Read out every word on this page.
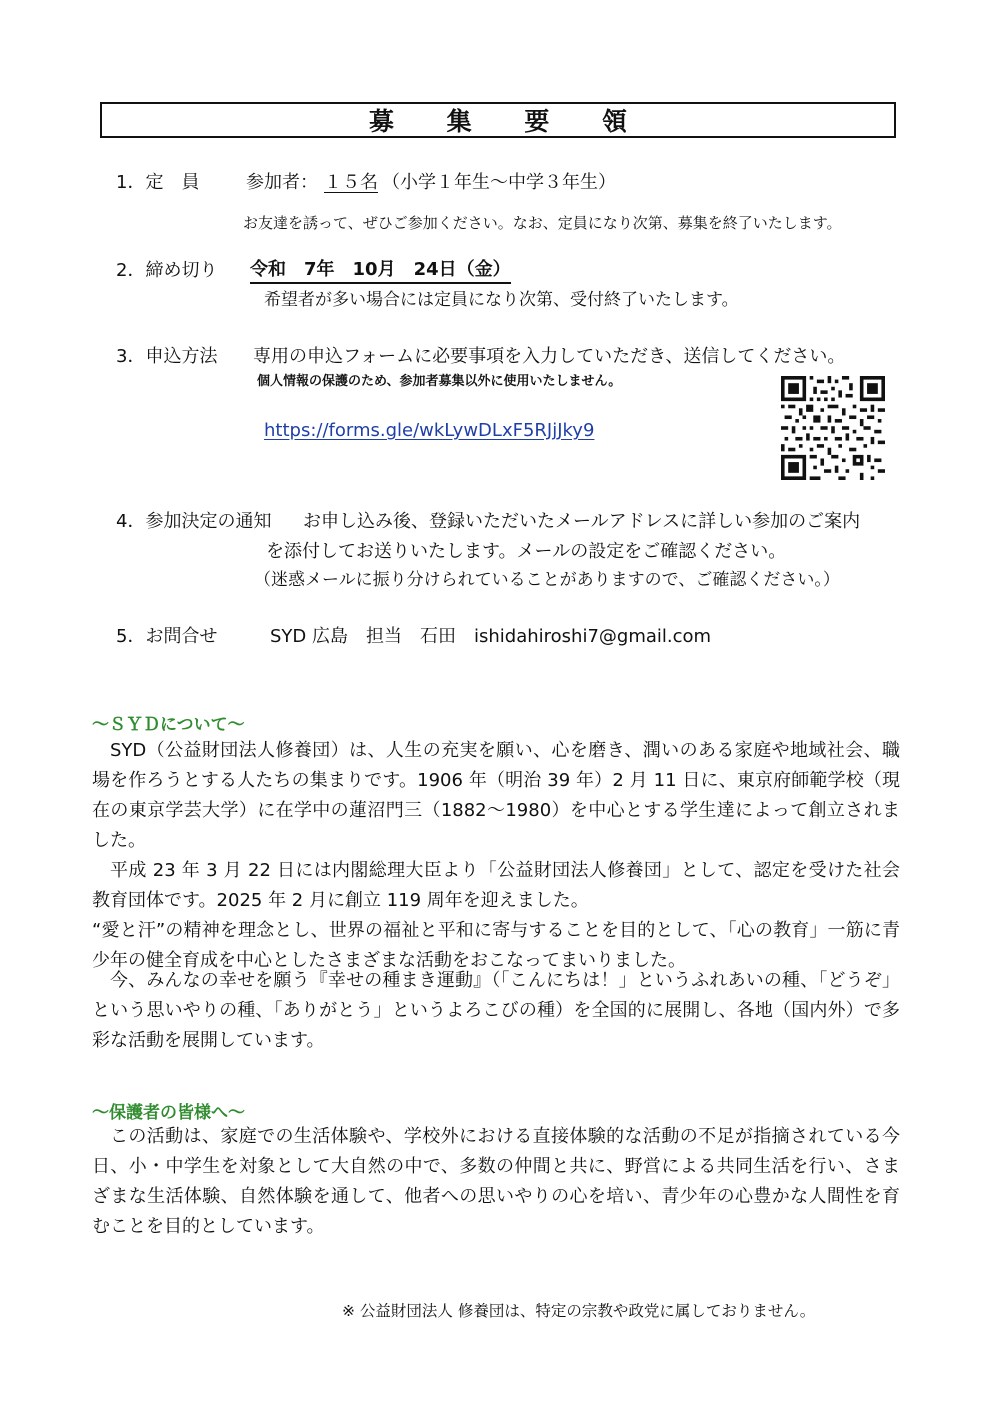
募 集 要 領
1．定　員	参加者： １５名 （小学１年生～中学３年生）
お友達を誘って、ぜひご参加ください。なお、定員になり次第、募集を終了いたします。
2．締め切り 令和　7年　10月　24日（金）
希望者が多い場合には定員になり次第、受付終了いたします。
3．申込方法 専用の申込フォームに必要事項を入力していただき、送信してください。
個人情報の保護のため、参加者募集以外に使用いたしません。
https://forms.gle/wkLywDLxF5RJjJky9
4．参加決定の通知 お申し込み後、登録いただいたメールアドレスに詳しい参加のご案内
を添付してお送りいたします。メールの設定をご確認ください。
（迷惑メールに振り分けられていることがありますので、ご確認ください。）
5．お問合せ	SYD 広島　担当　石田　ishidahiroshi7@gmail.com
～ＳＹＤについて～
SYD（公益財団法人修養団）は、人生の充実を願い、心を磨き、潤いのある家庭や地域社会、職場を作ろうとする人たちの集まりです。1906 年（明治 39 年）2 月 11 日に、東京府師範学校（現在の東京学芸大学）に在学中の蓮沼門三（1882～1980）を中心とする学生達によって創立されました。
平成 23 年 3 月 22 日には内閣総理大臣より「公益財団法人修養団」として、認定を受けた社会教育団体です。2025 年 2 月に創立 119 周年を迎えました。
“愛と汗”の精神を理念とし、世界の福祉と平和に寄与することを目的として、「心の教育」一筋に青少年の健全育成を中心としたさまざまな活動をおこなってまいりました。
今、みんなの幸せを願う『幸せの種まき運動』（「こんにちは！」というふれあいの種、「どうぞ」という思いやりの種、「ありがとう」というよろこびの種）を全国的に展開し、各地（国内外）で多彩な活動を展開しています。
～保護者の皆様へ～
この活動は、家庭での生活体験や、学校外における直接体験的な活動の不足が指摘されている今日、小・中学生を対象として大自然の中で、多数の仲間と共に、野営による共同生活を行い、さまざまな生活体験、自然体験を通して、他者への思いやりの心を培い、青少年の心豊かな人間性を育むことを目的としています。
※ 公益財団法人 修養団は、特定の宗教や政党に属しておりません。
